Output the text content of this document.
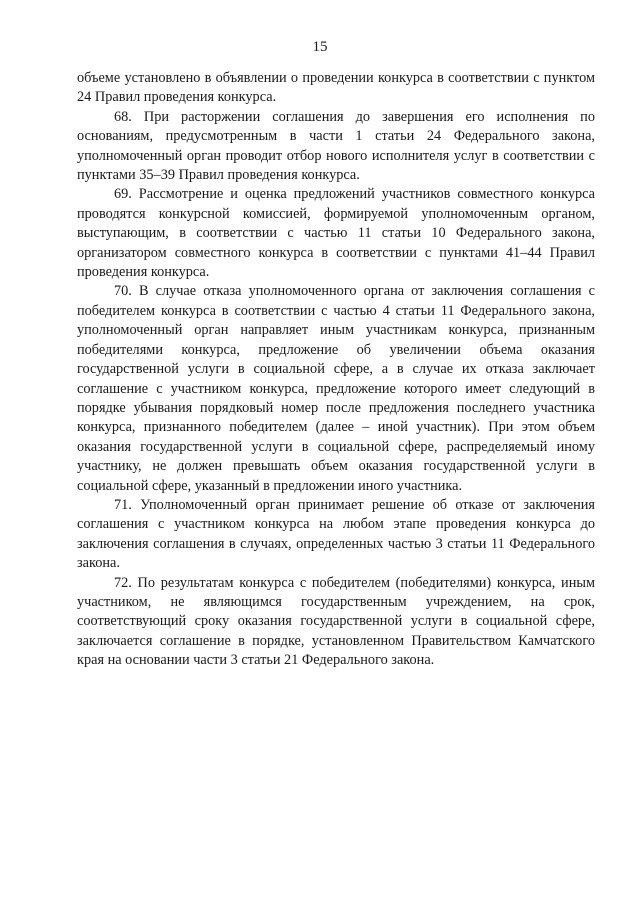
15

объеме установлено в объявлении о проведении конкурса в соответствии с пунктом 24 Правил проведения конкурса.

68. При расторжении соглашения до завершения его исполнения по основаниям, предусмотренным в части 1 статьи 24 Федерального закона, уполномоченный орган проводит отбор нового исполнителя услуг в соответствии с пунктами 35–39 Правил проведения конкурса.

69. Рассмотрение и оценка предложений участников совместного конкурса проводятся конкурсной комиссией, формируемой уполномоченным органом, выступающим, в соответствии с частью 11 статьи 10 Федерального закона, организатором совместного конкурса в соответствии с пунктами 41–44 Правил проведения конкурса.

70. В случае отказа уполномоченного органа от заключения соглашения с победителем конкурса в соответствии с частью 4 статьи 11 Федерального закона, уполномоченный орган направляет иным участникам конкурса, признанным победителями конкурса, предложение об увеличении объема оказания государственной услуги в социальной сфере, а в случае их отказа заключает соглашение с участником конкурса, предложение которого имеет следующий в порядке убывания порядковый номер после предложения последнего участника конкурса, признанного победителем (далее – иной участник). При этом объем оказания государственной услуги в социальной сфере, распределяемый иному участнику, не должен превышать объем оказания государственной услуги в социальной сфере, указанный в предложении иного участника.

71. Уполномоченный орган принимает решение об отказе от заключения соглашения с участником конкурса на любом этапе проведения конкурса до заключения соглашения в случаях, определенных частью 3 статьи 11 Федерального закона.

72. По результатам конкурса с победителем (победителями) конкурса, иным участником, не являющимся государственным учреждением, на срок, соответствующий сроку оказания государственной услуги в социальной сфере, заключается соглашение в порядке, установленном Правительством Камчатского края на основании части 3 статьи 21 Федерального закона.
